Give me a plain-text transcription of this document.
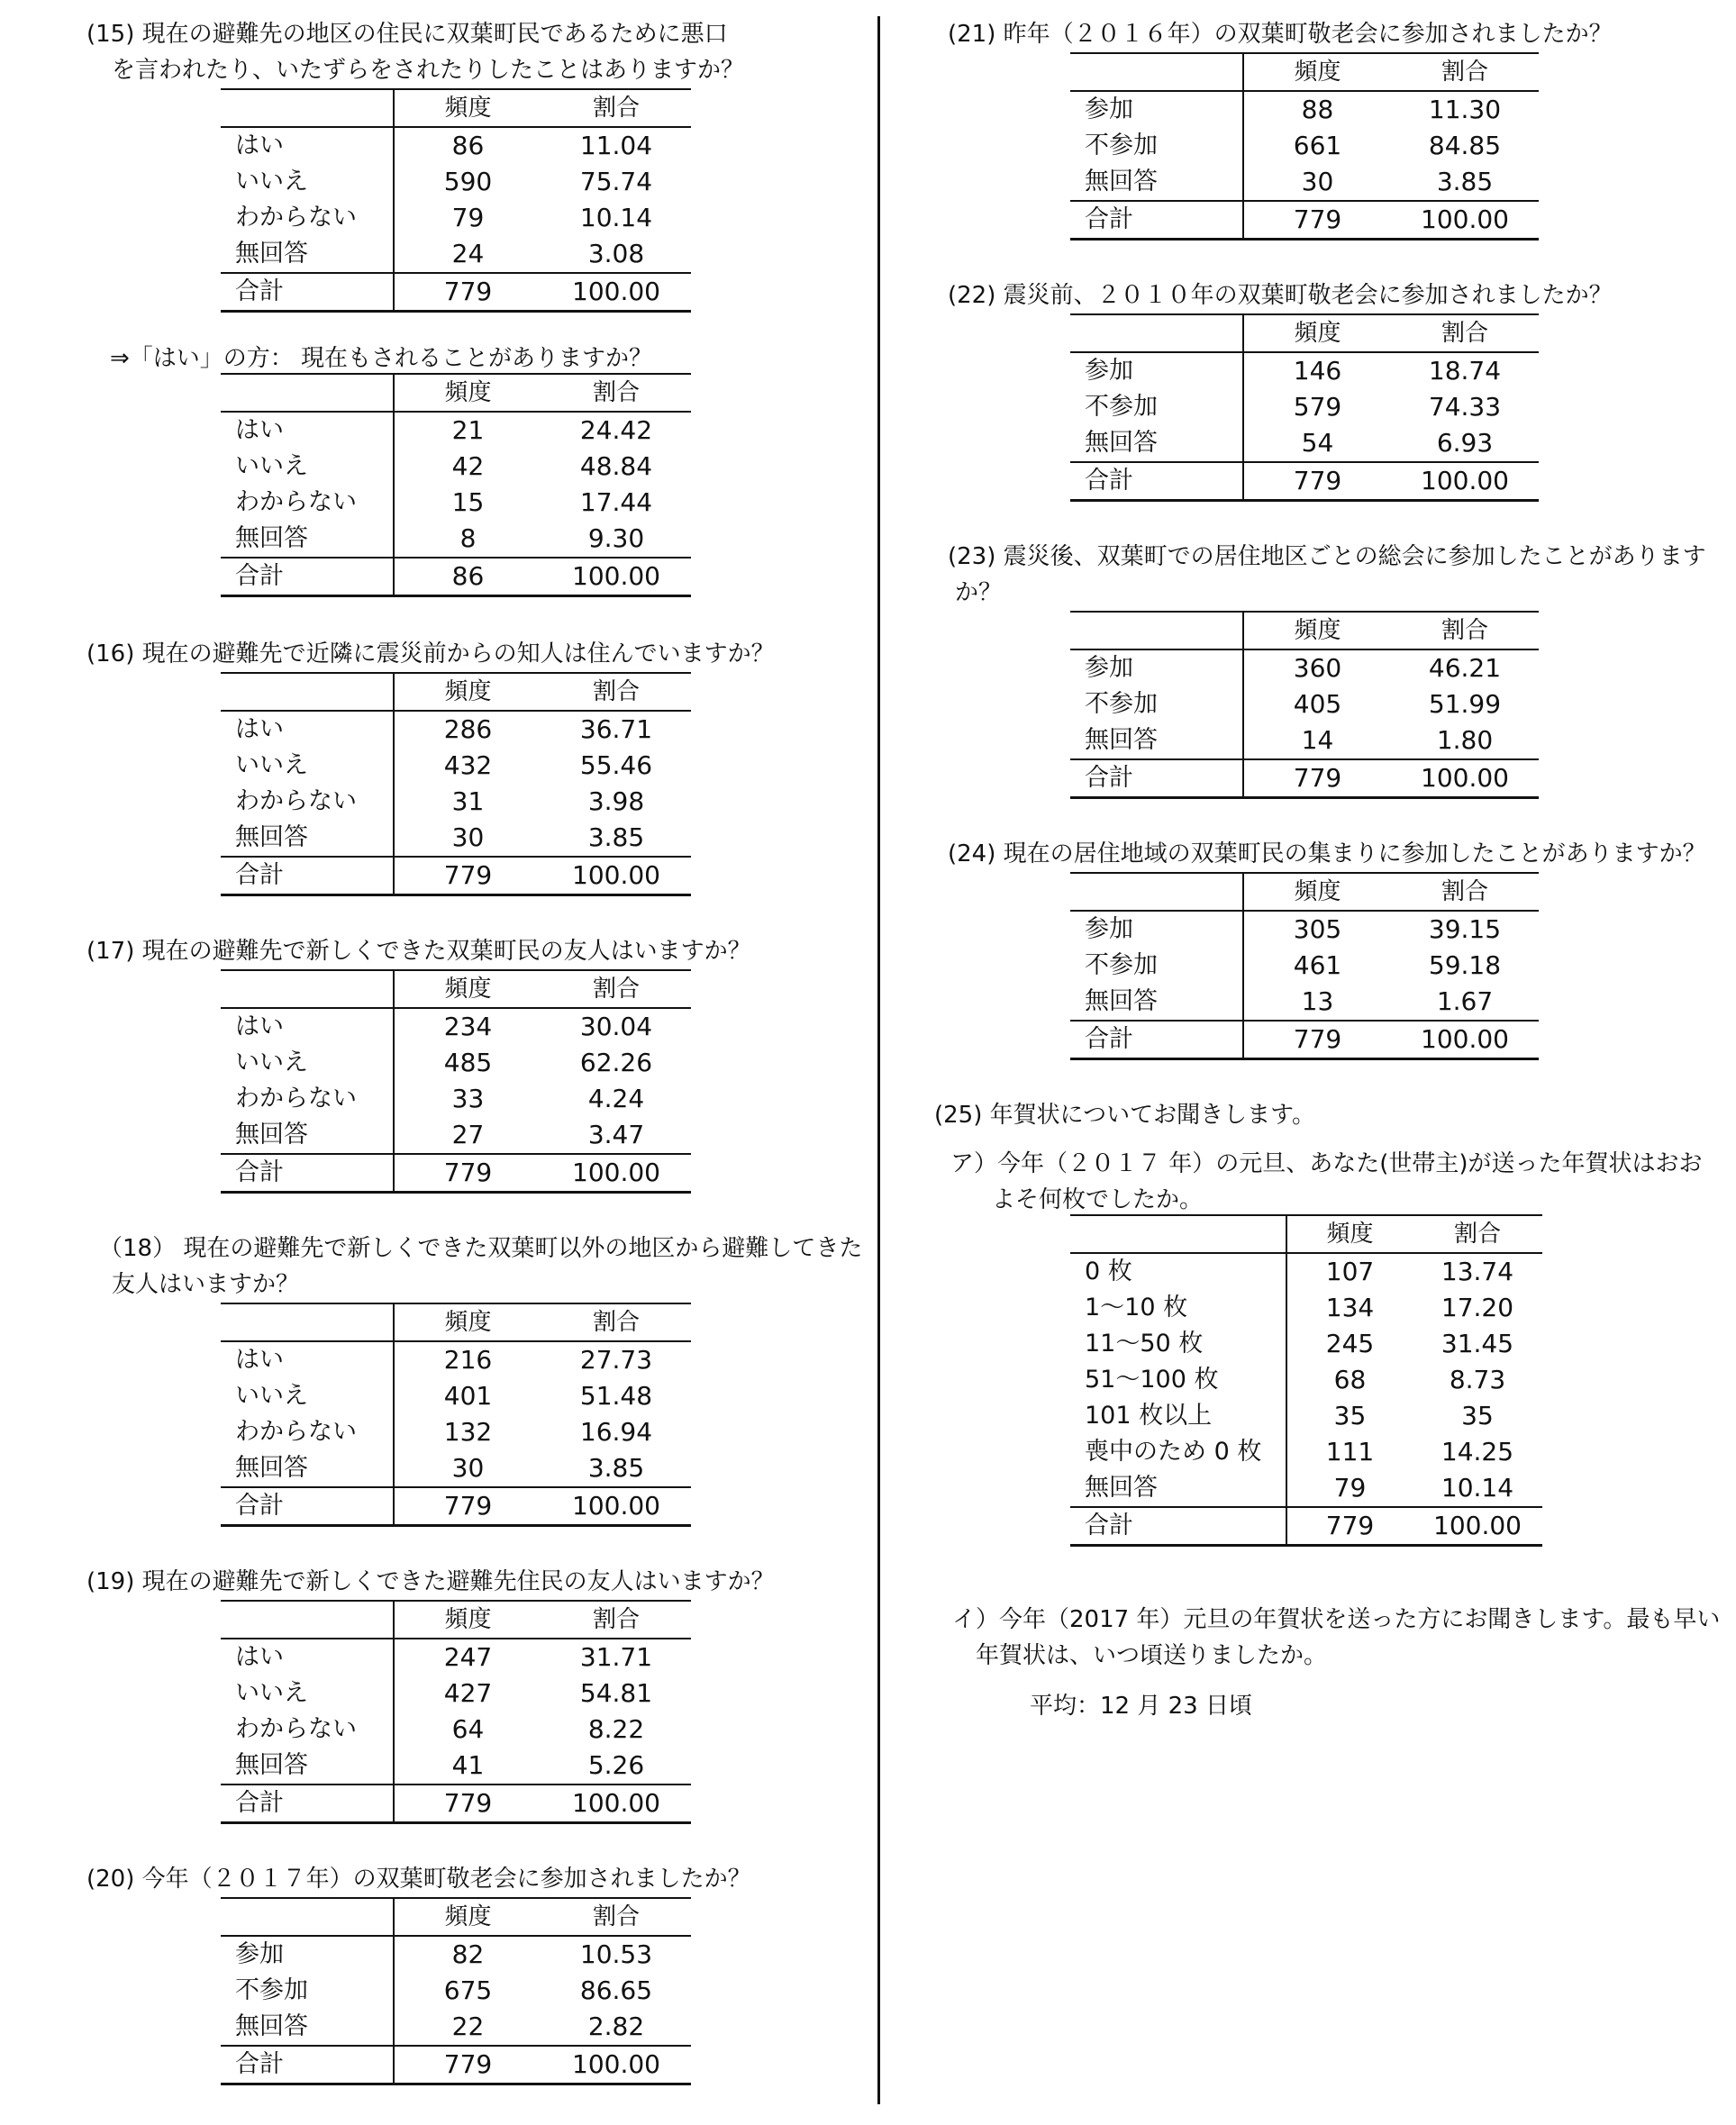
(15) 現在の避難先の地区の住民に双葉町民であるために悪口
を言われたり、いたずらをされたりしたことはありますか？
	頻度	割合
はい	86	11.04
いいえ	590	75.74
わからない	79	10.14
無回答	24	3.08
合計	779	100.00
⇒「はい」の方： 現在もされることがありますか？
	頻度	割合
はい	21	24.42
いいえ	42	48.84
わからない	15	17.44
無回答	8	9.30
合計	86	100.00
(16) 現在の避難先で近隣に震災前からの知人は住んでいますか？
	頻度	割合
はい	286	36.71
いいえ	432	55.46
わからない	31	3.98
無回答	30	3.85
合計	779	100.00
(17) 現在の避難先で新しくできた双葉町民の友人はいますか？
	頻度	割合
はい	234	30.04
いいえ	485	62.26
わからない	33	4.24
無回答	27	3.47
合計	779	100.00
（18） 現在の避難先で新しくできた双葉町以外の地区から避難してきた
友人はいますか？
	頻度	割合
はい	216	27.73
いいえ	401	51.48
わからない	132	16.94
無回答	30	3.85
合計	779	100.00
(19) 現在の避難先で新しくできた避難先住民の友人はいますか？
	頻度	割合
はい	247	31.71
いいえ	427	54.81
わからない	64	8.22
無回答	41	5.26
合計	779	100.00
(20) 今年（２０１７年）の双葉町敬老会に参加されましたか？
	頻度	割合
参加	82	10.53
不参加	675	86.65
無回答	22	2.82
合計	779	100.00
(21) 昨年（２０１６年）の双葉町敬老会に参加されましたか？
	頻度	割合
参加	88	11.30
不参加	661	84.85
無回答	30	3.85
合計	779	100.00
(22) 震災前、２０１０年の双葉町敬老会に参加されましたか？
	頻度	割合
参加	146	18.74
不参加	579	74.33
無回答	54	6.93
合計	779	100.00
(23) 震災後、双葉町での居住地区ごとの総会に参加したことがあります
か？
	頻度	割合
参加	360	46.21
不参加	405	51.99
無回答	14	1.80
合計	779	100.00
(24) 現在の居住地域の双葉町民の集まりに参加したことがありますか？
	頻度	割合
参加	305	39.15
不参加	461	59.18
無回答	13	1.67
合計	779	100.00
(25) 年賀状についてお聞きします。
ア）今年（２０１７ 年）の元旦、あなた(世帯主)が送った年賀状はおお
よそ何枚でしたか。
	頻度	割合
0 枚	107	13.74
1～10 枚	134	17.20
11～50 枚	245	31.45
51～100 枚	68	8.73
101 枚以上	35	35
喪中のため 0 枚	111	14.25
無回答	79	10.14
合計	779	100.00
イ）今年（2017 年）元旦の年賀状を送った方にお聞きします。最も早い
年賀状は、いつ頃送りましたか。
平均：12 月 23 日頃
